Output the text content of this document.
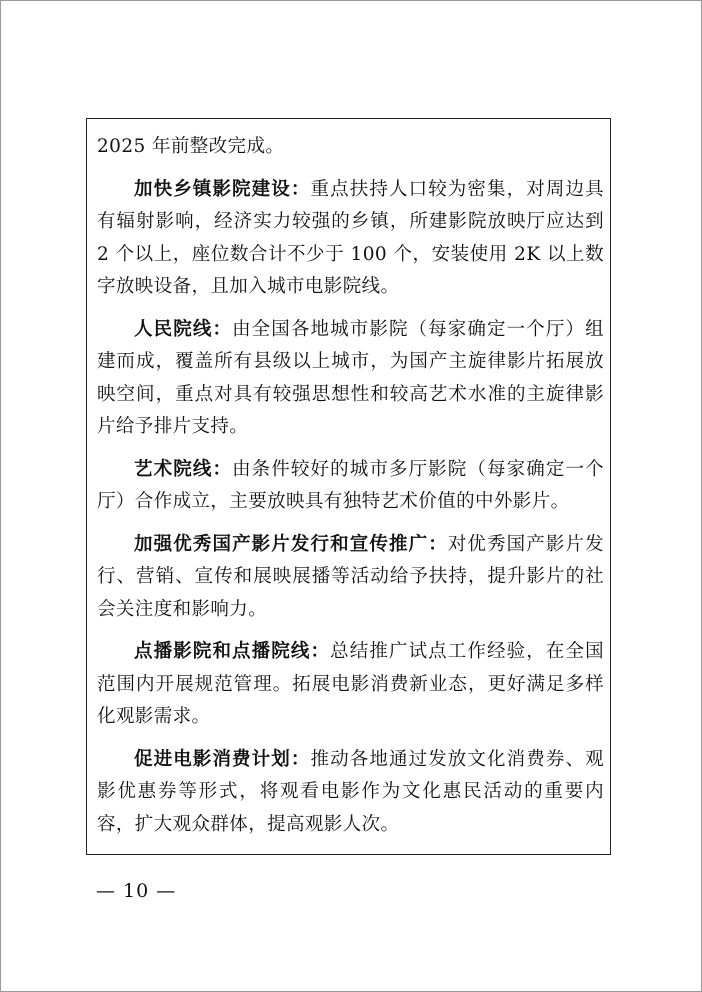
2025 年前整改完成。

加快乡镇影院建设：重点扶持人口较为密集，对周边具有辐射影响，经济实力较强的乡镇，所建影院放映厅应达到 2 个以上，座位数合计不少于 100 个，安装使用 2K 以上数字放映设备，且加入城市电影院线。

人民院线：由全国各地城市影院（每家确定一个厅）组建而成，覆盖所有县级以上城市，为国产主旋律影片拓展放映空间，重点对具有较强思想性和较高艺术水准的主旋律影片给予排片支持。

艺术院线：由条件较好的城市多厅影院（每家确定一个厅）合作成立，主要放映具有独特艺术价值的中外影片。

加强优秀国产影片发行和宣传推广：对优秀国产影片发行、营销、宣传和展映展播等活动给予扶持，提升影片的社会关注度和影响力。

点播影院和点播院线：总结推广试点工作经验，在全国范围内开展规范管理。拓展电影消费新业态，更好满足多样化观影需求。

促进电影消费计划：推动各地通过发放文化消费券、观影优惠券等形式，将观看电影作为文化惠民活动的重要内容，扩大观众群体，提高观影人次。

— 10 —
